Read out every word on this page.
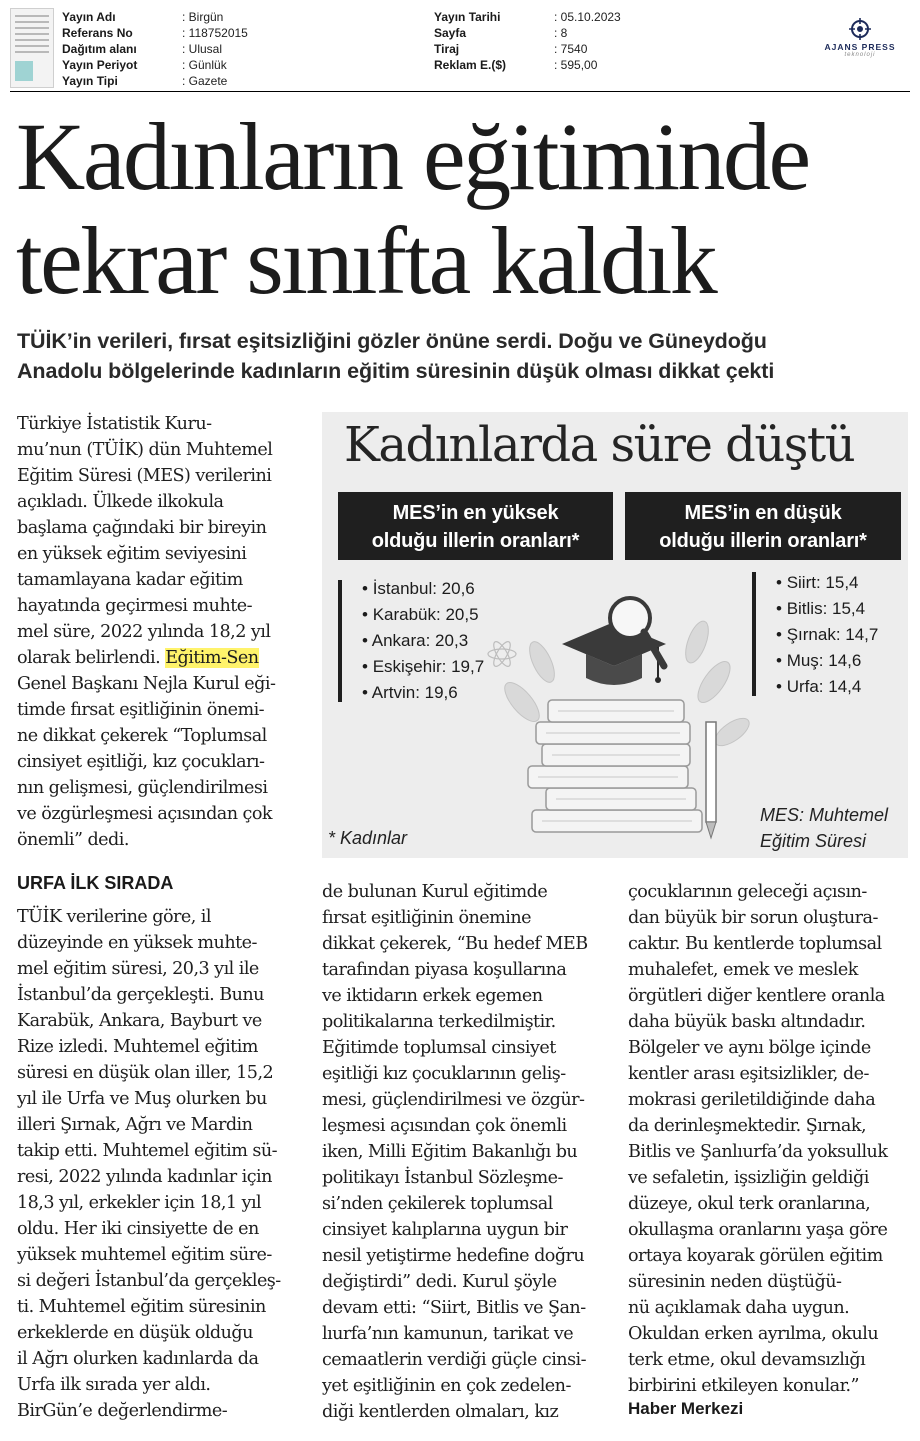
Yayın Adı	: Birgün
Referans No	: 118752015
Dağıtım alanı	: Ulusal
Yayın Periyot	: Günlük
Yayın Tipi	: Gazete
Yayın Tarihi	: 05.10.2023
Sayfa	: 8
Tiraj	: 7540
Reklam E.($)	: 595,00
AJANS PRESS
teknoloji
Kadınların eğitiminde
tekrar sınıfta kaldık
TÜİK’in verileri, fırsat eşitsizliğini gözler önüne serdi. Doğu ve Güneydoğu
Anadolu bölgelerinde kadınların eğitim süresinin düşük olması dikkat çekti
Türkiye İstatistik Kuru-
mu’nun (TÜİK) dün Muhtemel
Eğitim Süresi (MES) verilerini
açıkladı. Ülkede ilkokula
başlama çağındaki bir bireyin
en yüksek eğitim seviyesini
tamamlayana kadar eğitim
hayatında geçirmesi muhte-
mel süre, 2022 yılında 18,2 yıl
olarak belirlendi. Eğitim-Sen
Genel Başkanı Nejla Kurul eği-
timde fırsat eşitliğinin önemi-
ne dikkat çekerek “Toplumsal
cinsiyet eşitliği, kız çocukları-
nın gelişmesi, güçlendirilmesi
ve özgürleşmesi açısından çok
önemli” dedi.
Kadınlarda süre düştü
MES’in en yüksek
olduğu illerin oranları*
MES’in en düşük
olduğu illerin oranları*
• İstanbul: 20,6
• Karabük: 20,5
• Ankara: 20,3
• Eskişehir: 19,7
• Artvin: 19,6
• Siirt: 15,4
• Bitlis: 15,4
• Şırnak: 14,7
• Muş: 14,6
• Urfa: 14,4
* Kadınlar
MES: Muhtemel
Eğitim Süresi
URFA İLK SIRADA
TÜİK verilerine göre, il
düzeyinde en yüksek muhte-
mel eğitim süresi, 20,3 yıl ile
İstanbul’da gerçekleşti. Bunu
Karabük, Ankara, Bayburt ve
Rize izledi. Muhtemel eğitim
süresi en düşük olan iller, 15,2
yıl ile Urfa ve Muş olurken bu
illeri Şırnak, Ağrı ve Mardin
takip etti. Muhtemel eğitim sü-
resi, 2022 yılında kadınlar için
18,3 yıl, erkekler için 18,1 yıl
oldu. Her iki cinsiyette de en
yüksek muhtemel eğitim süre-
si değeri İstanbul’da gerçekleş-
ti. Muhtemel eğitim süresinin
erkeklerde en düşük olduğu
il Ağrı olurken kadınlarda da
Urfa ilk sırada yer aldı.
BirGün’e değerlendirme-
de bulunan Kurul eğitimde
fırsat eşitliğinin önemine
dikkat çekerek, “Bu hedef MEB
tarafından piyasa koşullarına
ve iktidarın erkek egemen
politikalarına terkedilmiştir.
Eğitimde toplumsal cinsiyet
eşitliği kız çocuklarının geliş-
mesi, güçlendirilmesi ve özgür-
leşmesi açısından çok önemli
iken, Milli Eğitim Bakanlığı bu
politikayı İstanbul Sözleşme-
si’nden çekilerek toplumsal
cinsiyet kalıplarına uygun bir
nesil yetiştirme hedefine doğru
değiştirdi” dedi. Kurul şöyle
devam etti: “Siirt, Bitlis ve Şan-
lıurfa’nın kamunun, tarikat ve
cemaatlerin verdiği güçle cinsi-
yet eşitliğinin en çok zedelen-
diği kentlerden olmaları, kız
çocuklarının geleceği açısın-
dan büyük bir sorun oluştura-
caktır. Bu kentlerde toplumsal
muhalefet, emek ve meslek
örgütleri diğer kentlere oranla
daha büyük baskı altındadır.
Bölgeler ve aynı bölge içinde
kentler arası eşitsizlikler, de-
mokrasi geriletildiğinde daha
da derinleşmektedir. Şırnak,
Bitlis ve Şanlıurfa’da yoksulluk
ve sefaletin, işsizliğin geldiği
düzeye, okul terk oranlarına,
okullaşma oranlarını yaşa göre
ortaya koyarak görülen eğitim
süresinin neden düştüğü-
nü açıklamak daha uygun.
Okuldan erken ayrılma, okulu
terk etme, okul devamsızlığı
birbirini etkileyen konular.”
Haber Merkezi
